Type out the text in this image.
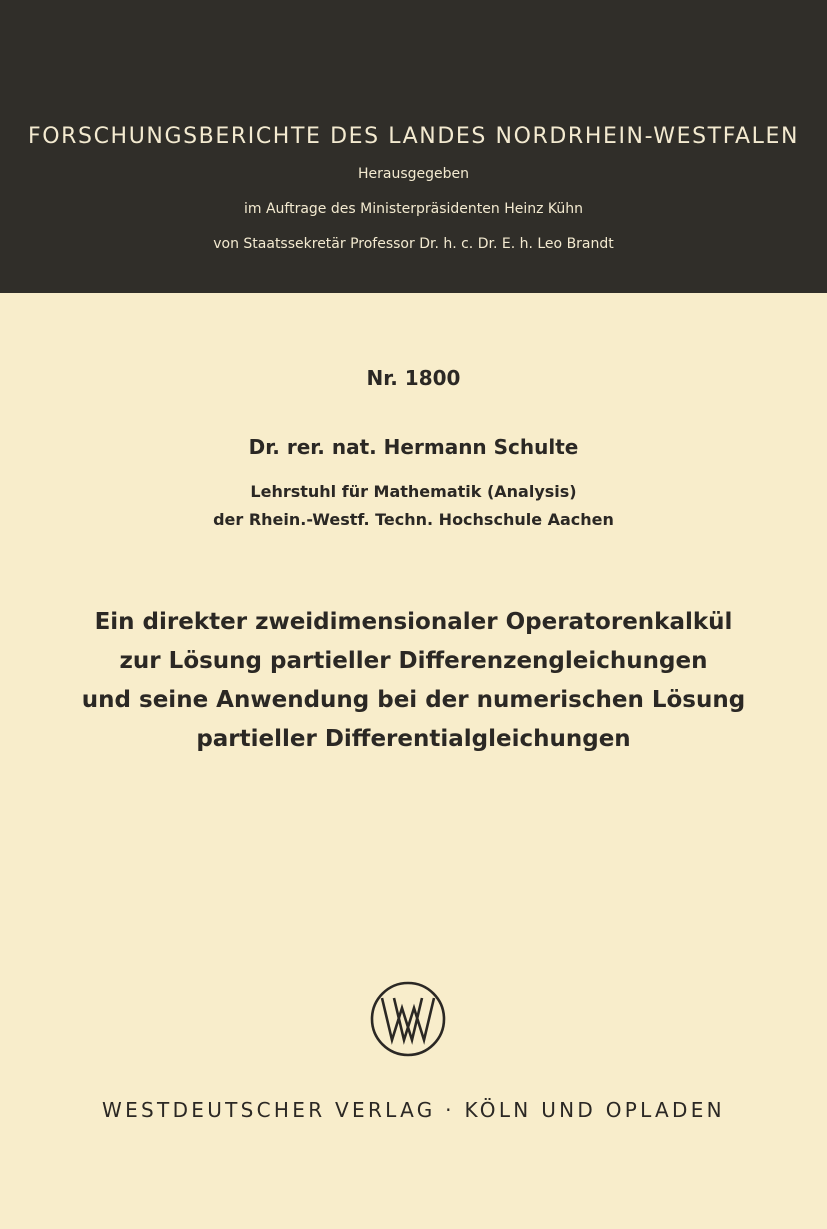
FORSCHUNGSBERICHTE DES LANDES NORDRHEIN-WESTFALEN
Herausgegeben
im Auftrage des Ministerpräsidenten Heinz Kühn
von Staatssekretär Professor Dr. h. c. Dr. E. h. Leo Brandt
Nr. 1800
Dr. rer. nat. Hermann Schulte
Lehrstuhl für Mathematik (Analysis)
der Rhein.-Westf. Techn. Hochschule Aachen
Ein direkter zweidimensionaler Operatorenkalkül
zur Lösung partieller Differenzengleichungen
und seine Anwendung bei der numerischen Lösung
partieller Differentialgleichungen
WESTDEUTSCHER VERLAG · KÖLN UND OPLADEN
